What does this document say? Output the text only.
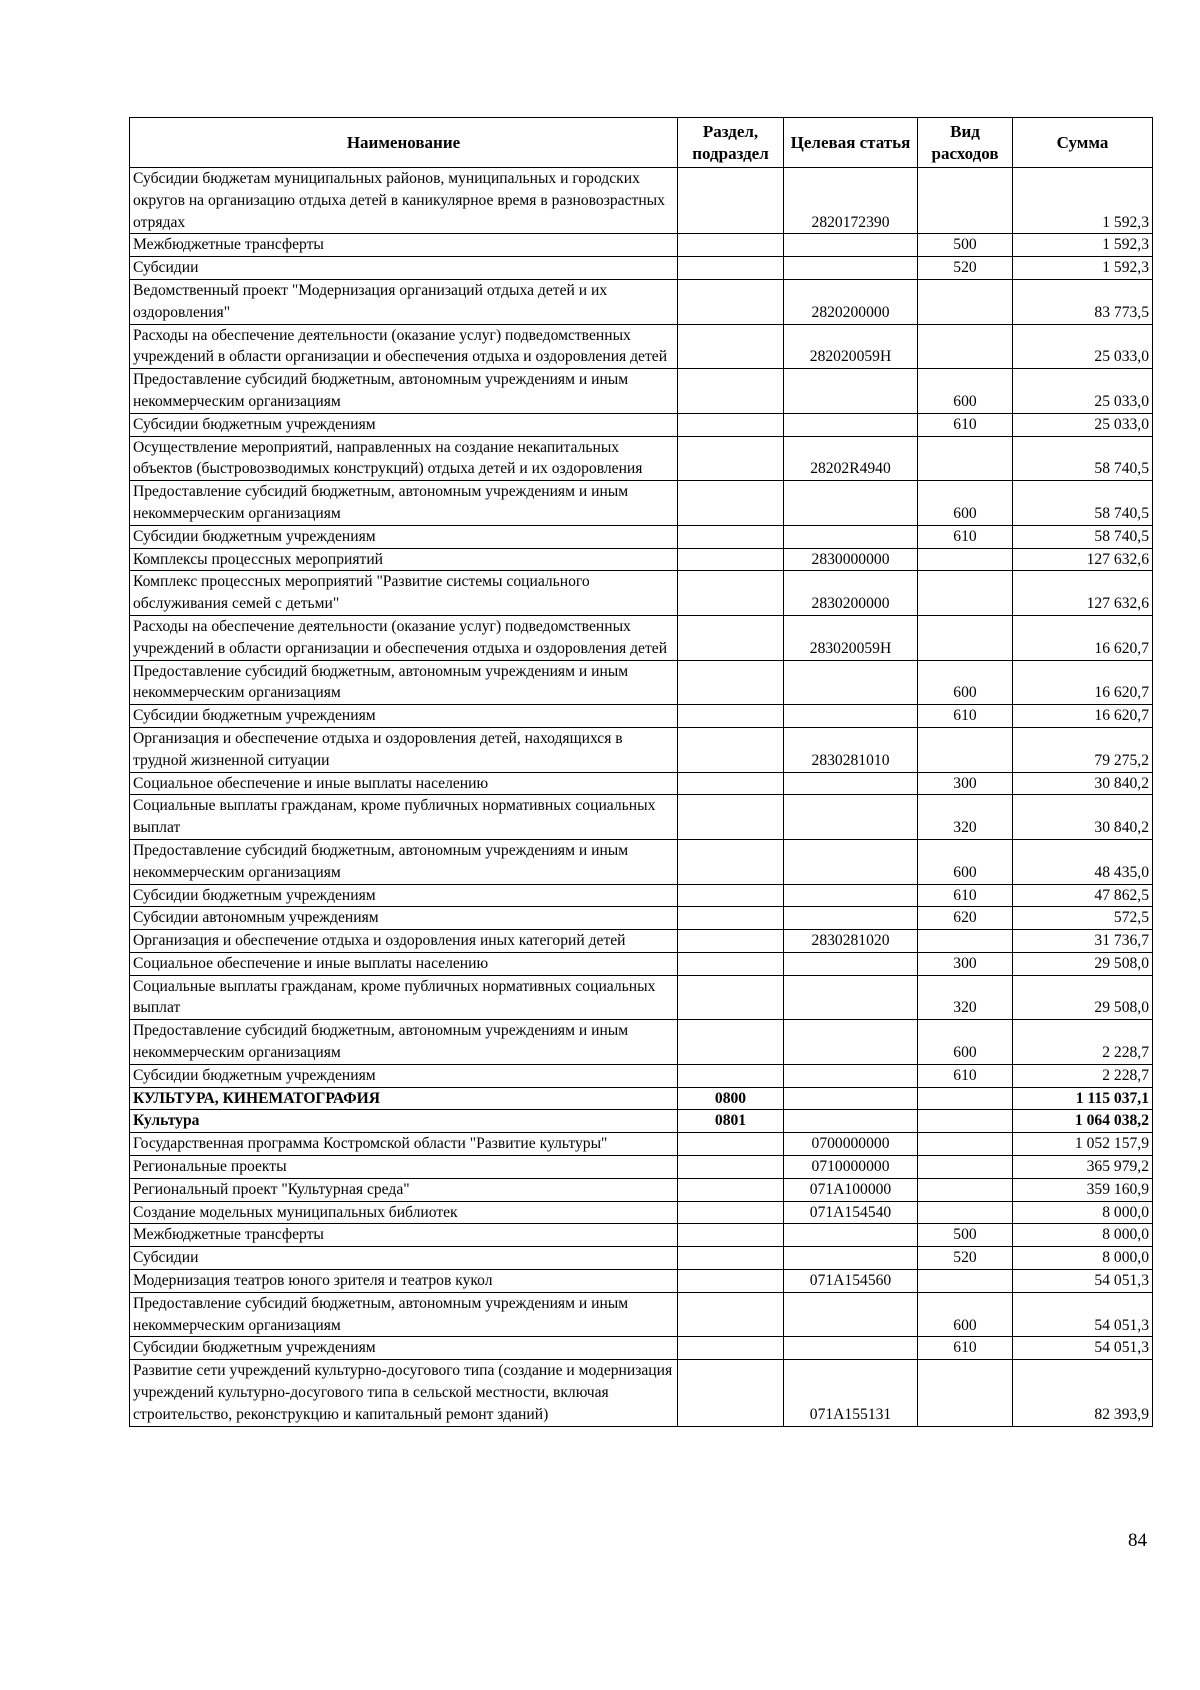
Наименование	Раздел, подраздел	Целевая статья	Вид расходов	Сумма
Субсидии бюджетам муниципальных районов, муниципальных и городских округов на организацию отдыха детей в каникулярное время в разновозрастных отрядах		2820172390		1 592,3
Межбюджетные трансферты			500	1 592,3
Субсидии			520	1 592,3
Ведомственный проект "Модернизация организаций отдыха детей и их оздоровления"		2820200000		83 773,5
Расходы на обеспечение деятельности (оказание услуг) подведомственных учреждений в области организации и обеспечения отдыха и оздоровления детей		282020059Н		25 033,0
Предоставление субсидий бюджетным, автономным учреждениям и иным некоммерческим организациям			600	25 033,0
Субсидии бюджетным учреждениям			610	25 033,0
Осуществление мероприятий, направленных на создание некапитальных объектов (быстровозводимых конструкций) отдыха детей и их оздоровления		28202R4940		58 740,5
Предоставление субсидий бюджетным, автономным учреждениям и иным некоммерческим организациям			600	58 740,5
Субсидии бюджетным учреждениям			610	58 740,5
Комплексы процессных мероприятий		2830000000		127 632,6
Комплекс процессных мероприятий "Развитие системы социального обслуживания семей с детьми"		2830200000		127 632,6
Расходы на обеспечение деятельности (оказание услуг) подведомственных учреждений в области организации и обеспечения отдыха и оздоровления детей		283020059Н		16 620,7
Предоставление субсидий бюджетным, автономным учреждениям и иным некоммерческим организациям			600	16 620,7
Субсидии бюджетным учреждениям			610	16 620,7
Организация и обеспечение отдыха и оздоровления детей, находящихся в трудной жизненной ситуации		2830281010		79 275,2
Социальное обеспечение и иные выплаты населению			300	30 840,2
Социальные выплаты гражданам, кроме публичных нормативных социальных выплат			320	30 840,2
Предоставление субсидий бюджетным, автономным учреждениям и иным некоммерческим организациям			600	48 435,0
Субсидии бюджетным учреждениям			610	47 862,5
Субсидии автономным учреждениям			620	572,5
Организация и обеспечение отдыха и оздоровления иных категорий детей		2830281020		31 736,7
Социальное обеспечение и иные выплаты населению			300	29 508,0
Социальные выплаты гражданам, кроме публичных нормативных социальных выплат			320	29 508,0
Предоставление субсидий бюджетным, автономным учреждениям и иным некоммерческим организациям			600	2 228,7
Субсидии бюджетным учреждениям			610	2 228,7
КУЛЬТУРА, КИНЕМАТОГРАФИЯ	0800			1 115 037,1
Культура	0801			1 064 038,2
Государственная программа Костромской области "Развитие культуры"		0700000000		1 052 157,9
Региональные проекты		0710000000		365 979,2
Региональный проект "Культурная среда"		071А100000		359 160,9
Создание модельных муниципальных библиотек		071А154540		8 000,0
Межбюджетные трансферты			500	8 000,0
Субсидии			520	8 000,0
Модернизация театров юного зрителя и театров кукол		071А154560		54 051,3
Предоставление субсидий бюджетным, автономным учреждениям и иным некоммерческим организациям			600	54 051,3
Субсидии бюджетным учреждениям			610	54 051,3
Развитие сети учреждений культурно-досугового типа (создание и модернизация учреждений культурно-досугового типа в сельской местности, включая строительство, реконструкцию и капитальный ремонт зданий)		071А155131		82 393,9
84
